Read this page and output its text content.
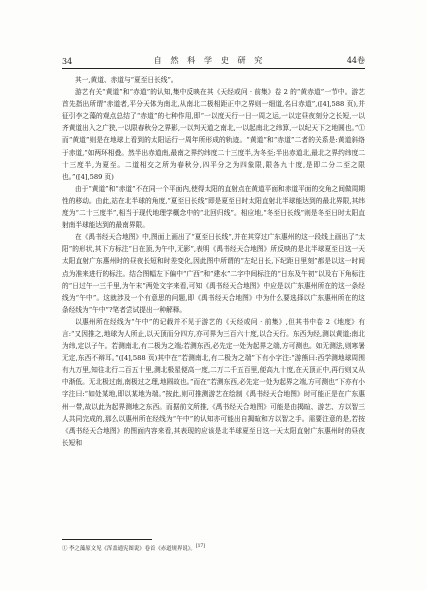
34	自 然 科 学 史 研 究	44卷

其一,黄道、赤道与“夏至日长线”。

游艺有关“黄道”和“赤道”的认知,集中反映在其《天经或问 · 前集》卷 2 的“黄赤道”一节中。游艺首先指出所谓“赤道者,平分天体为南北,从南北二极相距正中之界则一细道,名曰赤道”,([4],588 页),并征引李之藻的观点总结了“赤道”的七种作用,即“一以度天行一日一周之运,一以定昼夜刻分之长短,一以齐黄道出入之广狭,一以限春秋分之界影,一以判天道之南北,一以起南北之纬算,一以纪天下之地圆也。”① 而“黄道”则是在地球上看到的太阳运行一周年所形成的轨迹。“黄道”和“赤道”二者的关系是:黄道斜络于赤道,“如两环相叠。然半出赤道南,最南之界约纬度二十三度半,为冬至;半出赤道北,最北之界约纬度二十三度半,为夏至。二道相交之所为春秋分,四平分之为四象限,限各九十度,是即二分二至之限也。”([4],589 页)

由于“黄道”和“赤道”不在同一个平面内,使得太阳的直射点在黄道平面和赤道平面的交角之间做周期性的移动。由此,站在北半球的角度,“夏至日长线”即是夏至日时太阳直射北半球能达到的最北界限,其纬度为“二十三度半”,相当于现代地理学概念中的“北回归线”。相应地,“冬至日长线”则是冬至日时太阳直射南半球能达到的最南界限。

在《禹书经天合地图》中,图面上画出了“夏至日长线”,并在其穿过广东惠州的这一段线上画出了“太阳”的形状,其下方标注“日在顶,为午中,无影”,表明《禹书经天合地图》所反映的是北半球夏至日这一天太阳直射广东惠州时的昼夜长短和时差变化,因此图中所谓的“左纪日长,下纪距日里刻”都是以这一时间点为准来进行的标注。结合图幅左下偏中“广西”和“建水”二字中间标注的“日东及午初”以及右下角标注的“日过午一三千里,为午末”两处文字来看,可知《禹书经天合地图》中应是以广东惠州所在的这一条经线为“午中”。这就涉及一个有意思的问题,即《禹书经天合地图》中为什么要选择以广东惠州所在的这条经线为“午中”?笔者尝试提出一种解释。

以惠州所在经线为“午中”的记载并不见于游艺的《天经或问 · 前集》,但其书中卷 2《地度》有言:“又因推之,地球为人所止,以天顶而分四方,亦可界为三百六十度,以合天行。东西为经,测以黄道;南北为纬,定以子午。若测南北,有二极为之端;若测东西,必先定一处为起界之端,方可测也。如无测法,则寒暑无定,东西不辩耳。”([4],588 页)其中在“若测南北,有二极为之端”下有小字注:“游熊曰:西学测地球周围有九万里,知往北行二百五十里,测北极星便高一度,二万二千五百里,便高九十度,在天顶正中,再行则又从中渐低。无北极过南,南极过之理,地圆故也。”而在“若测东西,必先定一处为起界之端,方可测也”下亦有小字注曰:“如处某地,即以某地为端。”按此,则可推测游艺在绘制《禹书经天合地图》时可能正是在广东惠州一带,故以此为起界测地之东西。而据前文所推,《禹书经天合地图》可能是由揭暄、游艺、方以智三人共同完成的,那么以惠州所在经线为“午中”的认知亦可能出自揭暄和方以智之手。需要注意的是,若按《禹书经天合地图》的图面内容来看,其表现的应该是北半球夏至日这一天太阳直射广东惠州时的昼夜长短和

① 李之藻原文见《浑盖通宪图说》卷首《赤道规界说》。[17]
